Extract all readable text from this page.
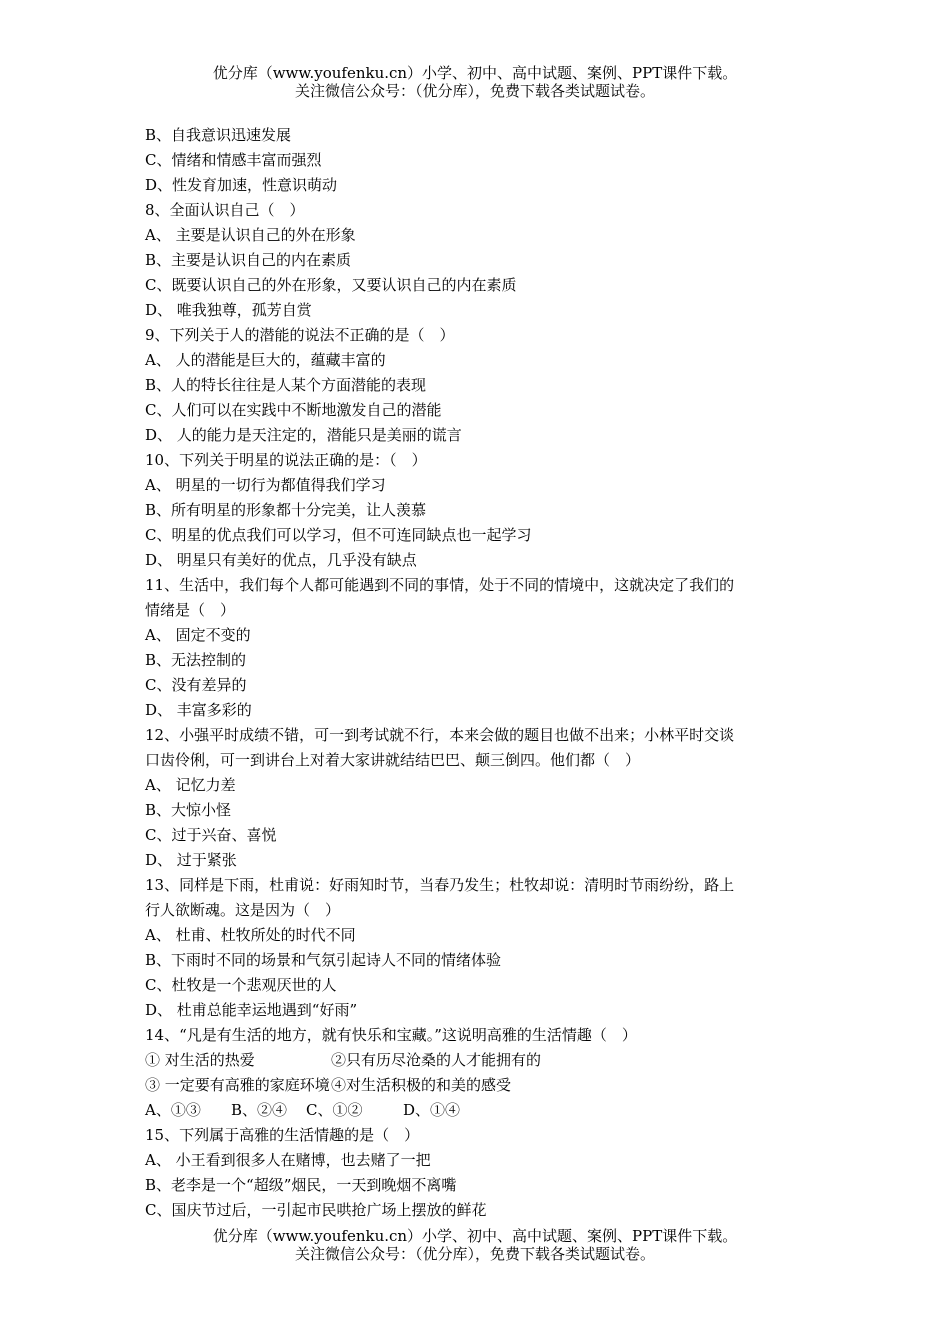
优分库（www.youfenku.cn）小学、初中、高中试题、案例、PPT课件下载。
关注微信公众号：（优分库），免费下载各类试题试卷。
B、自我意识迅速发展
C、情绪和情感丰富而强烈
D、性发育加速，性意识萌动
8、全面认识自己（　）
A、 主要是认识自己的外在形象
B、主要是认识自己的内在素质
C、既要认识自己的外在形象，又要认识自己的内在素质
D、 唯我独尊，孤芳自赏
9、下列关于人的潜能的说法不正确的是（　）
A、 人的潜能是巨大的，蕴藏丰富的
B、人的特长往往是人某个方面潜能的表现
C、人们可以在实践中不断地激发自己的潜能
D、 人的能力是天注定的，潜能只是美丽的谎言
10、下列关于明星的说法正确的是：（　）
A、 明星的一切行为都值得我们学习
B、所有明星的形象都十分完美，让人羡慕
C、明星的优点我们可以学习，但不可连同缺点也一起学习
D、 明星只有美好的优点，几乎没有缺点
11、生活中，我们每个人都可能遇到不同的事情，处于不同的情境中，这就决定了我们的
情绪是（　）
A、 固定不变的
B、无法控制的
C、没有差异的
D、 丰富多彩的
12、小强平时成绩不错，可一到考试就不行，本来会做的题目也做不出来；小林平时交谈
口齿伶俐，可一到讲台上对着大家讲就结结巴巴、颠三倒四。他们都（　）
A、 记忆力差
B、大惊小怪
C、过于兴奋、喜悦
D、 过于紧张
13、同样是下雨，杜甫说：好雨知时节，当春乃发生；杜牧却说：清明时节雨纷纷，路上
行人欲断魂。这是因为（　）
A、 杜甫、杜牧所处的时代不同
B、下雨时不同的场景和气氛引起诗人不同的情绪体验
C、杜牧是一个悲观厌世的人
D、 杜甫总能幸运地遇到“好雨”
14、“凡是有生活的地方，就有快乐和宝藏。”这说明高雅的生活情趣（　）
① 对生活的热爱	②只有历尽沧桑的人才能拥有的
③ 一定要有高雅的家庭环境④对生活积极的和美的感受
A、①③ B、②④ C、①②	D、①④
15、下列属于高雅的生活情趣的是（　）
A、 小王看到很多人在赌博，也去赌了一把
B、老李是一个“超级”烟民，一天到晚烟不离嘴
C、国庆节过后，一引起市民哄抢广场上摆放的鲜花
优分库（www.youfenku.cn）小学、初中、高中试题、案例、PPT课件下载。
关注微信公众号：（优分库），免费下载各类试题试卷。
